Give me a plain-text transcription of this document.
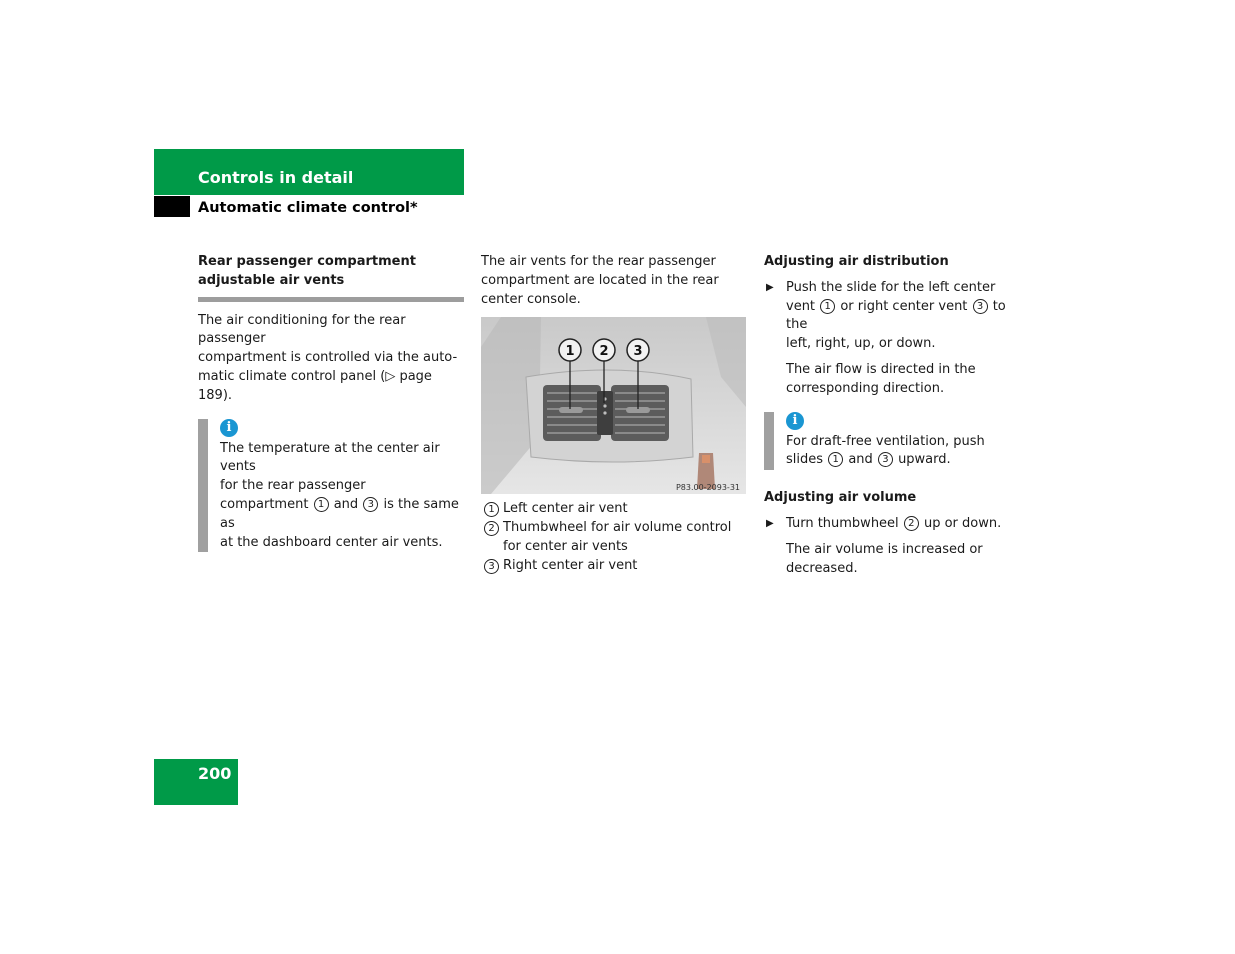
Controls in detail
Automatic climate control*

Rear passenger compartment adjustable air vents

The air conditioning for the rear passenger

compartment is controlled via the auto-

matic climate control panel (▷ page 189).

i

The temperature at the center air vents

for the rear passenger

compartment 1 and 3 is the same as

at the dashboard center air vents.

The air vents for the rear passenger

compartment are located in the rear

center console.

1 2 3
P83.00-2093-31
1 Left center air vent
2 Thumbwheel for air volume control for center air vents
3 Right center air vent

Adjusting air distribution

▶ Push the slide for the left center

vent 1 or right center vent 3 to the

left, right, up, or down.

The air flow is directed in the

corresponding direction.

i

For draft-free ventilation, push

slides 1 and 3 upward.

Adjusting air volume

▶ Turn thumbwheel 2 up or down.

The air volume is increased or

decreased.

200
